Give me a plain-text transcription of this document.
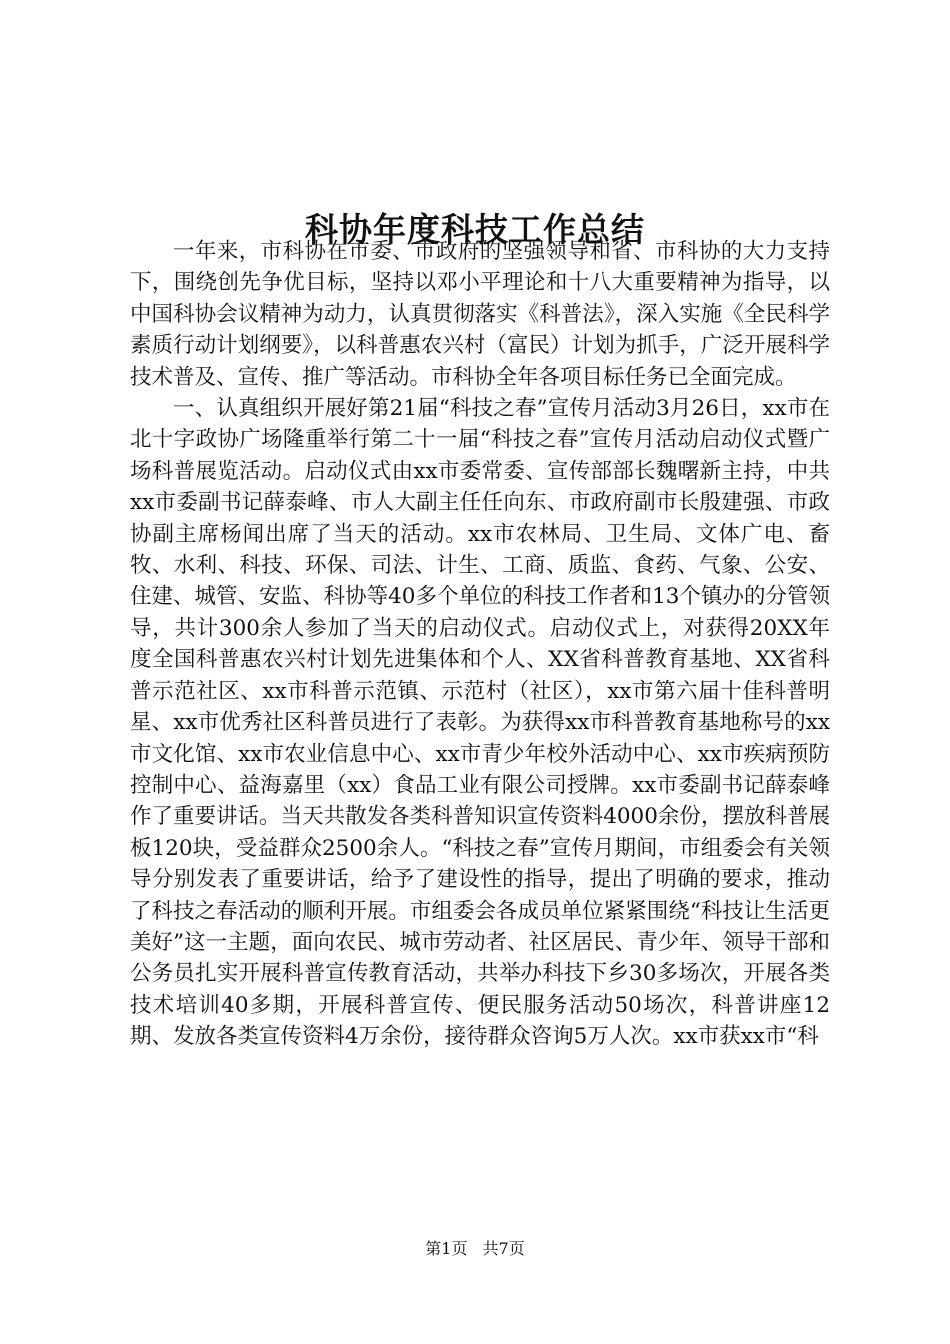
科协年度科技工作总结

一年来，市科协在市委、市政府的坚强领导和省、市科协的大力支持下，围绕创先争优目标，坚持以邓小平理论和十八大重要精神为指导，以中国科协会议精神为动力，认真贯彻落实《科普法》，深入实施《全民科学素质行动计划纲要》，以科普惠农兴村（富民）计划为抓手，广泛开展科学技术普及、宣传、推广等活动。市科协全年各项目标任务已全面完成。

一、认真组织开展好第21届“科技之春”宣传月活动3月26日，xx市在北十字政协广场隆重举行第二十一届“科技之春”宣传月活动启动仪式暨广场科普展览活动。启动仪式由xx市委常委、宣传部部长魏曙新主持，中共xx市委副书记薛泰峰、市人大副主任任向东、市政府副市长殷建强、市政协副主席杨闻出席了当天的活动。xx市农林局、卫生局、文体广电、畜牧、水利、科技、环保、司法、计生、工商、质监、食药、气象、公安、住建、城管、安监、科协等40多个单位的科技工作者和13个镇办的分管领导，共计300余人参加了当天的启动仪式。启动仪式上，对获得20XX年度全国科普惠农兴村计划先进集体和个人、XX省科普教育基地、XX省科普示范社区、xx市科普示范镇、示范村（社区），xx市第六届十佳科普明星、xx市优秀社区科普员进行了表彰。为获得xx市科普教育基地称号的xx市文化馆、xx市农业信息中心、xx市青少年校外活动中心、xx市疾病预防控制中心、益海嘉里（xx）食品工业有限公司授牌。xx市委副书记薛泰峰作了重要讲话。当天共散发各类科普知识宣传资料4000余份，摆放科普展板120块，受益群众2500余人。“科技之春”宣传月期间，市组委会有关领导分别发表了重要讲话，给予了建设性的指导，提出了明确的要求，推动了科技之春活动的顺利开展。市组委会各成员单位紧紧围绕“科技让生活更美好”这一主题，面向农民、城市劳动者、社区居民、青少年、领导干部和公务员扎实开展科普宣传教育活动，共举办科技下乡30多场次，开展各类技术培训40多期，开展科普宣传、便民服务活动50场次，科普讲座12期、发放各类宣传资料4万余份，接待群众咨询5万人次。xx市获xx市“科

第1页 共7页
